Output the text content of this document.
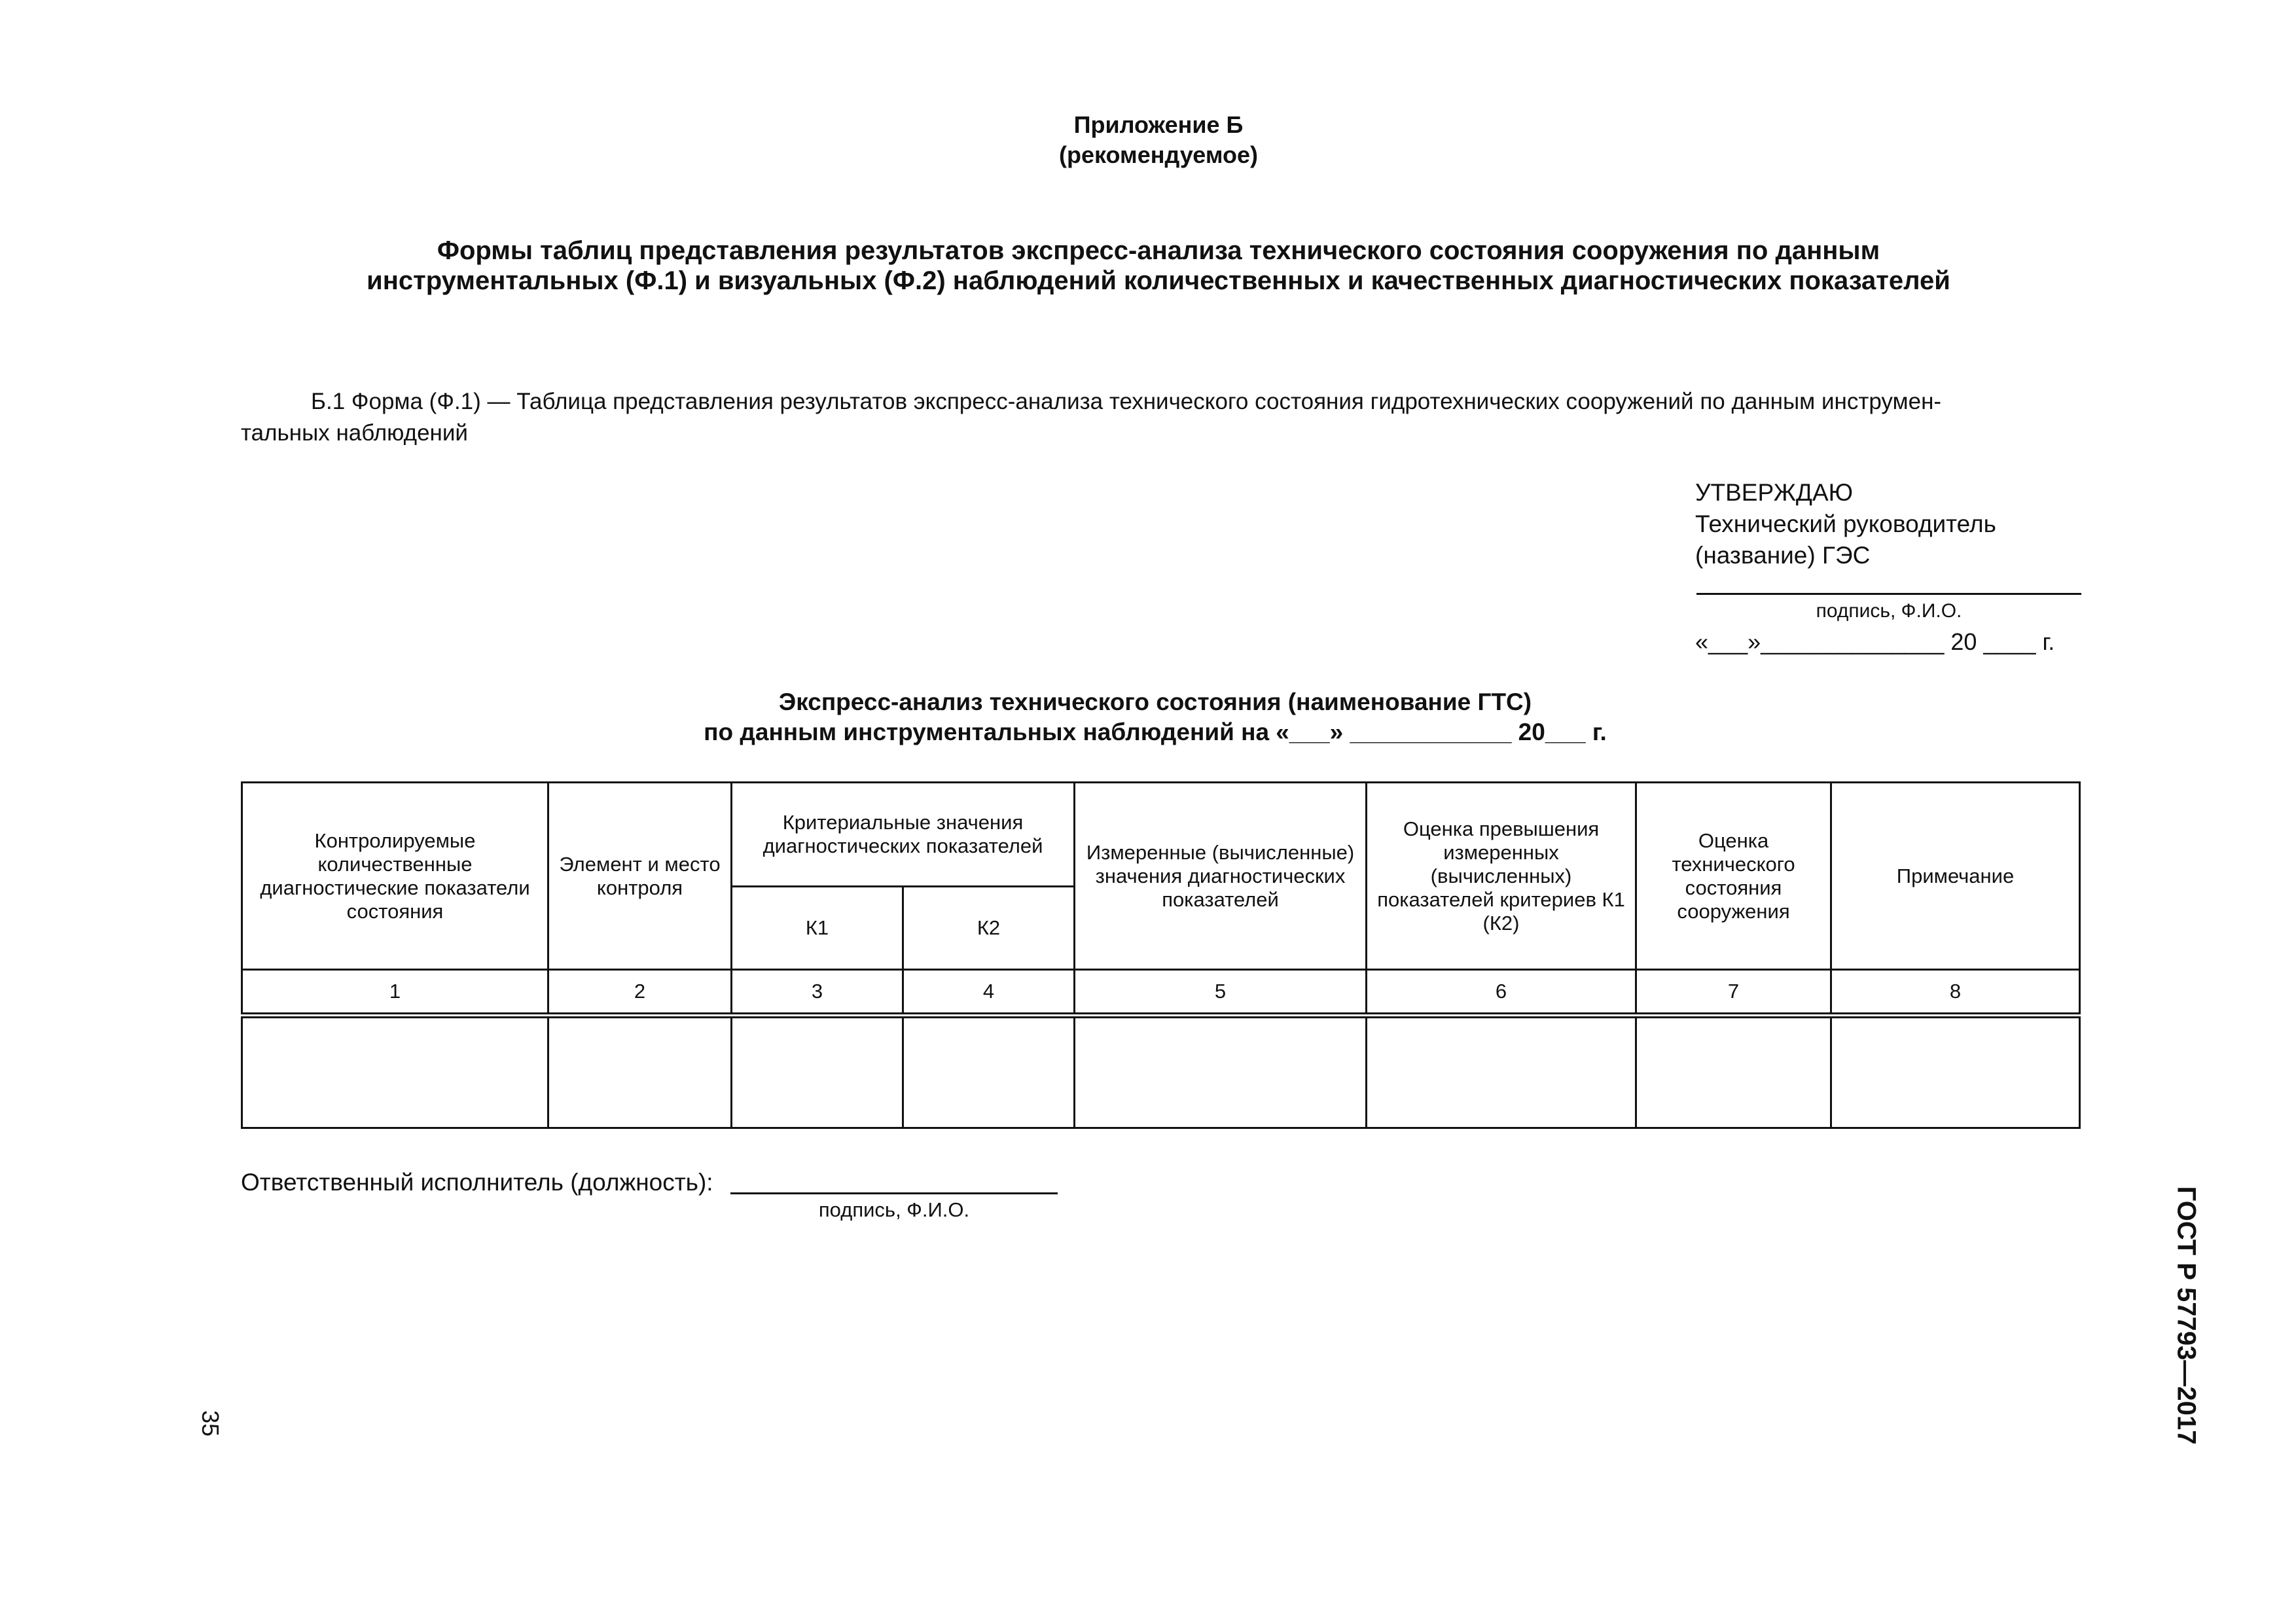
Приложение Б
(рекомендуемое)
Формы таблиц представления результатов экспресс-анализа технического состояния сооружения по данным
инструментальных (Ф.1) и визуальных (Ф.2) наблюдений количественных и качественных диагностических показателей
Б.1 Форма (Ф.1) — Таблица представления результатов экспресс-анализа технического состояния гидротехнических сооружений по данным инструмен-
тальных наблюдений
УТВЕРЖДАЮ
Технический руководитель
(название) ГЭС
подпись, Ф.И.О.
«___»______________ 20 ____ г.
Экспресс-анализ технического состояния (наименование ГТС)
по данным инструментальных наблюдений на «___» ____________ 20___ г.
Контролируемые количественные диагностические показатели состояния	Элемент и место контроля	Критериальные значения диагностических показателей		Измеренные (вычисленные) значения диагностических показателей	Оценка превышения измеренных (вычисленных) показателей критериев К1 (К2)	Оценка технического состояния сооружения	Примечание
		К1	К2				
1	2	3	4	5	6	7	8

Ответственный исполнитель (должность):
подпись, Ф.И.О.
35	ГОСТ Р 57793—2017
